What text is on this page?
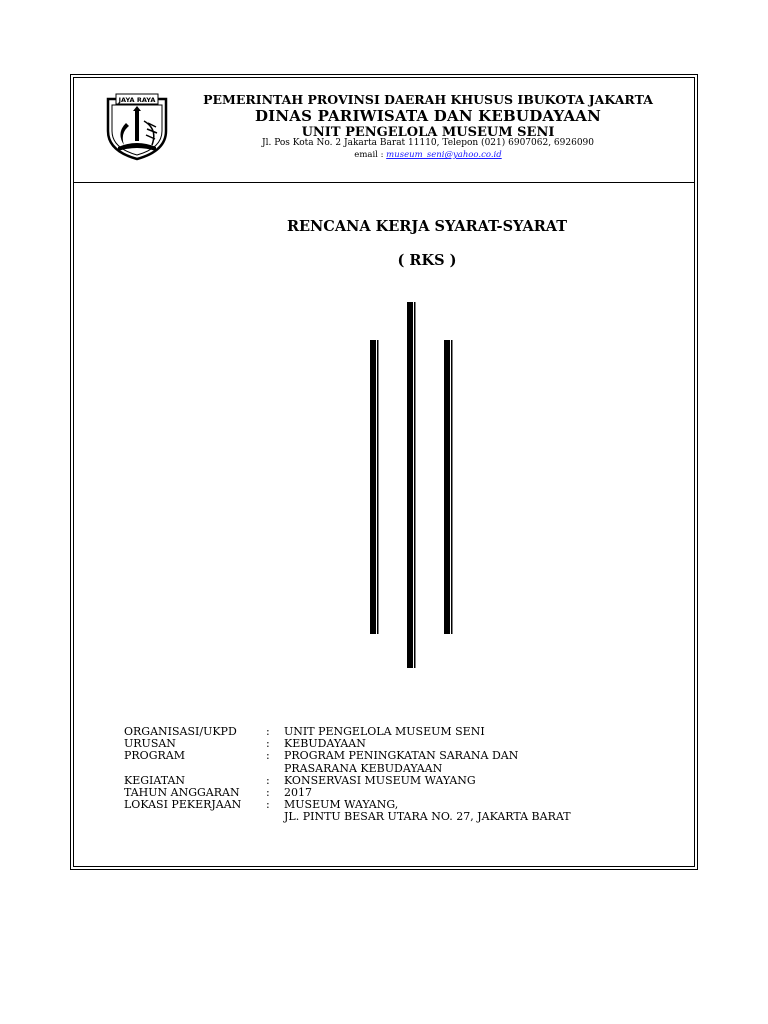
JAYA RAYA	PEMERINTAH PROVINSI DAERAH KHUSUS IBUKOTA JAKARTA
DINAS PARIWISATA DAN KEBUDAYAAN
UNIT PENGELOLA MUSEUM SENI
Jl. Pos Kota No. 2 Jakarta Barat 11110, Telepon (021) 6907062, 6926090
email : museum_seni@yahoo.co.id
RENCANA KERJA SYARAT-SYARAT
( RKS )
ORGANISASI/UKPD	: UNIT PENGELOLA MUSEUM SENI
URUSAN	: KEBUDAYAAN
PROGRAM	: PROGRAM PENINGKATAN SARANA DAN
PRASARANA KEBUDAYAAN
KEGIATAN	: KONSERVASI MUSEUM WAYANG
TAHUN ANGGARAN : 2017
LOKASI PEKERJAAN : MUSEUM WAYANG,
JL. PINTU BESAR UTARA NO. 27, JAKARTA BARAT
